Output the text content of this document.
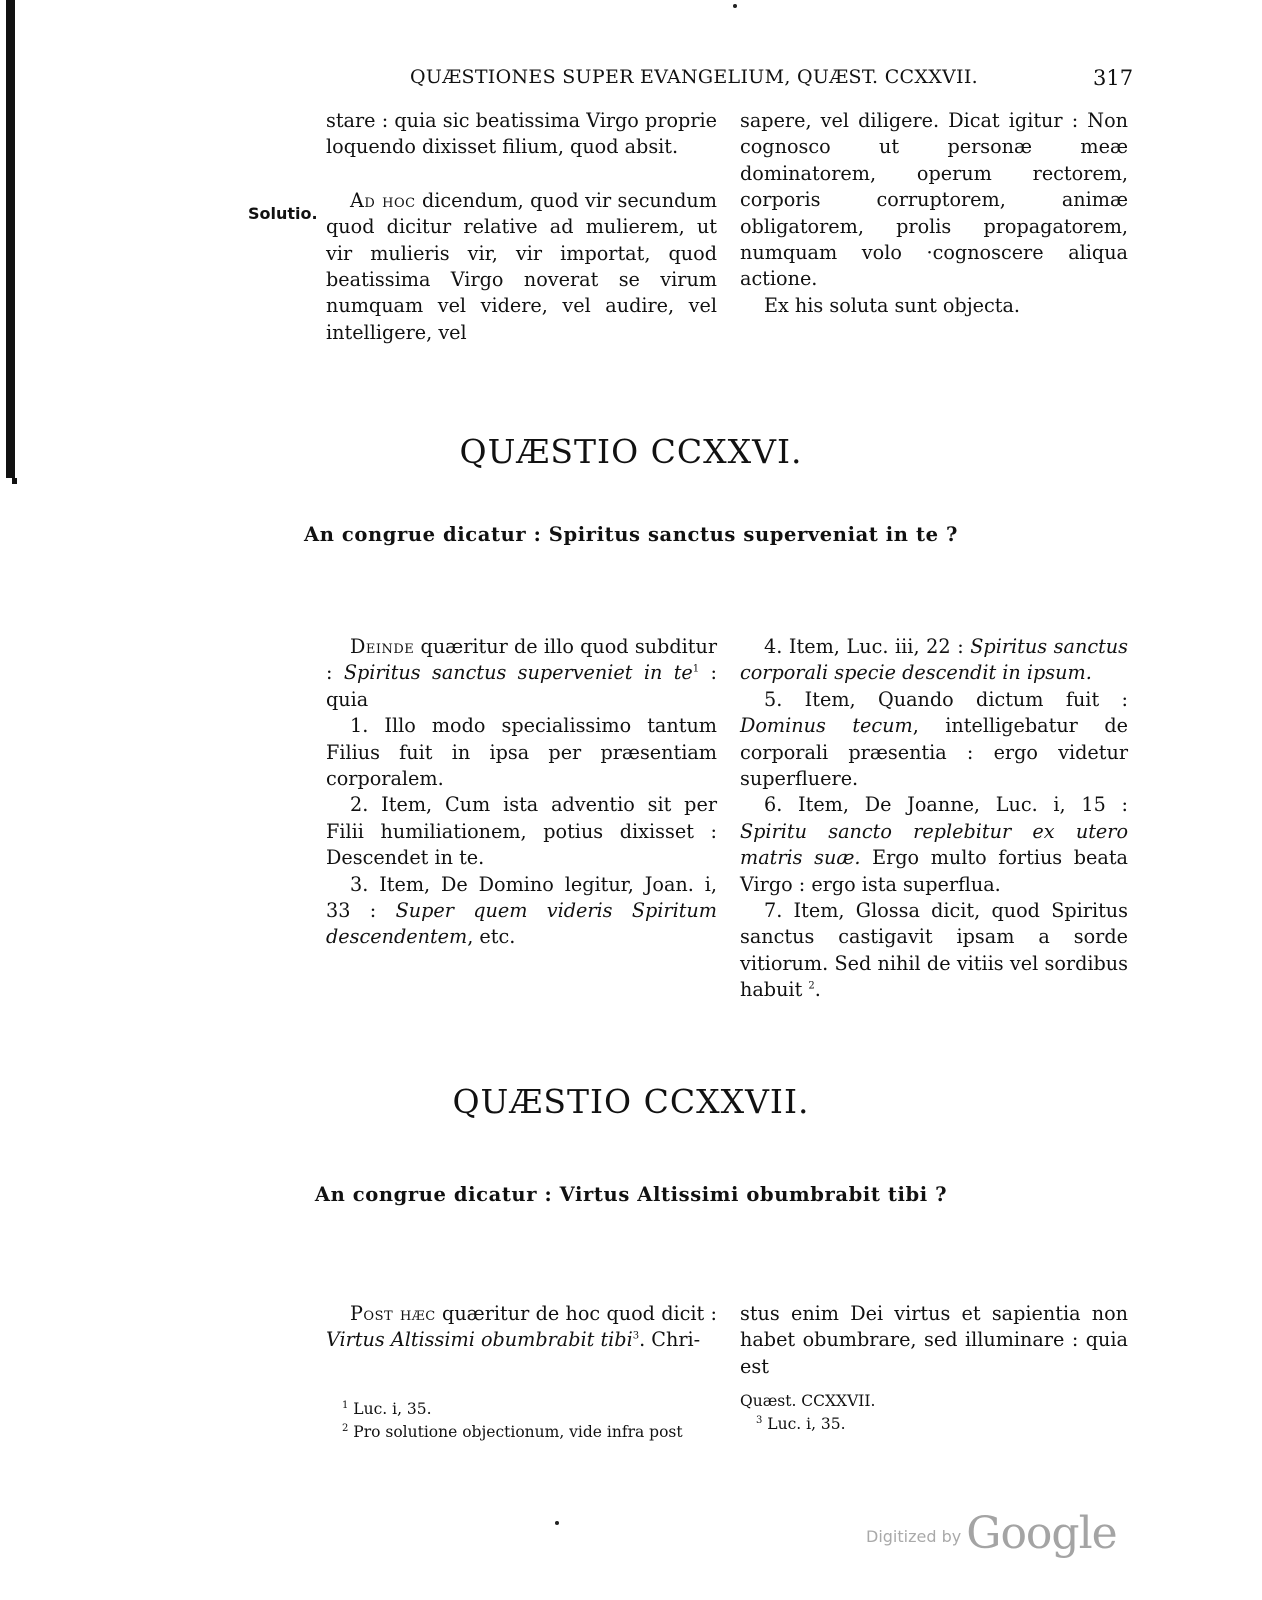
QUÆSTIONES SUPER EVANGELIUM, QUÆST. CCXXVII.	317
Solutio.

stare : quia sic beatissima Virgo proprie loquendo dixisset filium, quod absit.

Ad hoc dicendum, quod vir secundum quod dicitur relative ad mulierem, ut vir mulieris vir, vir importat, quod beatissima Virgo noverat se virum numquam vel videre, vel audire, vel intelligere, vel

sapere, vel diligere. Dicat igitur : Non cognosco ut personæ meæ dominatorem, operum rectorem, corporis corruptorem, animæ obligatorem, prolis propagatorem, numquam volo ·cognoscere aliqua actione.

Ex his soluta sunt objecta.

QUÆSTIO CCXXVI.
An congrue dicatur : Spiritus sanctus superveniat in te ?

Deinde quæritur de illo quod subditur : Spiritus sanctus superveniet in $te^1$ : quia

1. Illo modo specialissimo tantum Filius fuit in ipsa per præsentiam corporalem.

2. Item, Cum ista adventio sit per Filii humiliationem, potius dixisset : Descendet in te.

3. Item, De Domino legitur, Joan. i, 33 : Super quem videris Spiritum descendentem, etc.

4. Item, Luc. iii, 22 : Spiritus sanctus corporali specie descendit in ipsum.

5. Item, Quando dictum fuit : Dominus tecum, intelligebatur de corporali præsentia : ergo videtur superfluere.

6. Item, De Joanne, Luc. i, 15 : Spiritu sancto replebitur ex utero matris suæ. Ergo multo fortius beata Virgo : ergo ista superflua.

7. Item, Glossa dicit, quod Spiritus sanctus castigavit ipsam a sorde vitiorum. Sed nihil de vitiis vel sordibus habuit $^2$.

QUÆSTIO CCXXVII.
An congrue dicatur : Virtus Altissimi obumbrabit tibi ?

Post hæc quæritur de hoc quod dicit : Virtus Altissimi obumbrabit tibi$^3$. Chri-

stus enim Dei virtus et sapientia non habet obumbrare, sed illuminare : quia est

$^1$ Luc. i, 35.

$^2$ Pro solutione objectionum, vide infra post

Quæst. CCXXVII.

$^3$ Luc. i, 35.

Digitized by Google
